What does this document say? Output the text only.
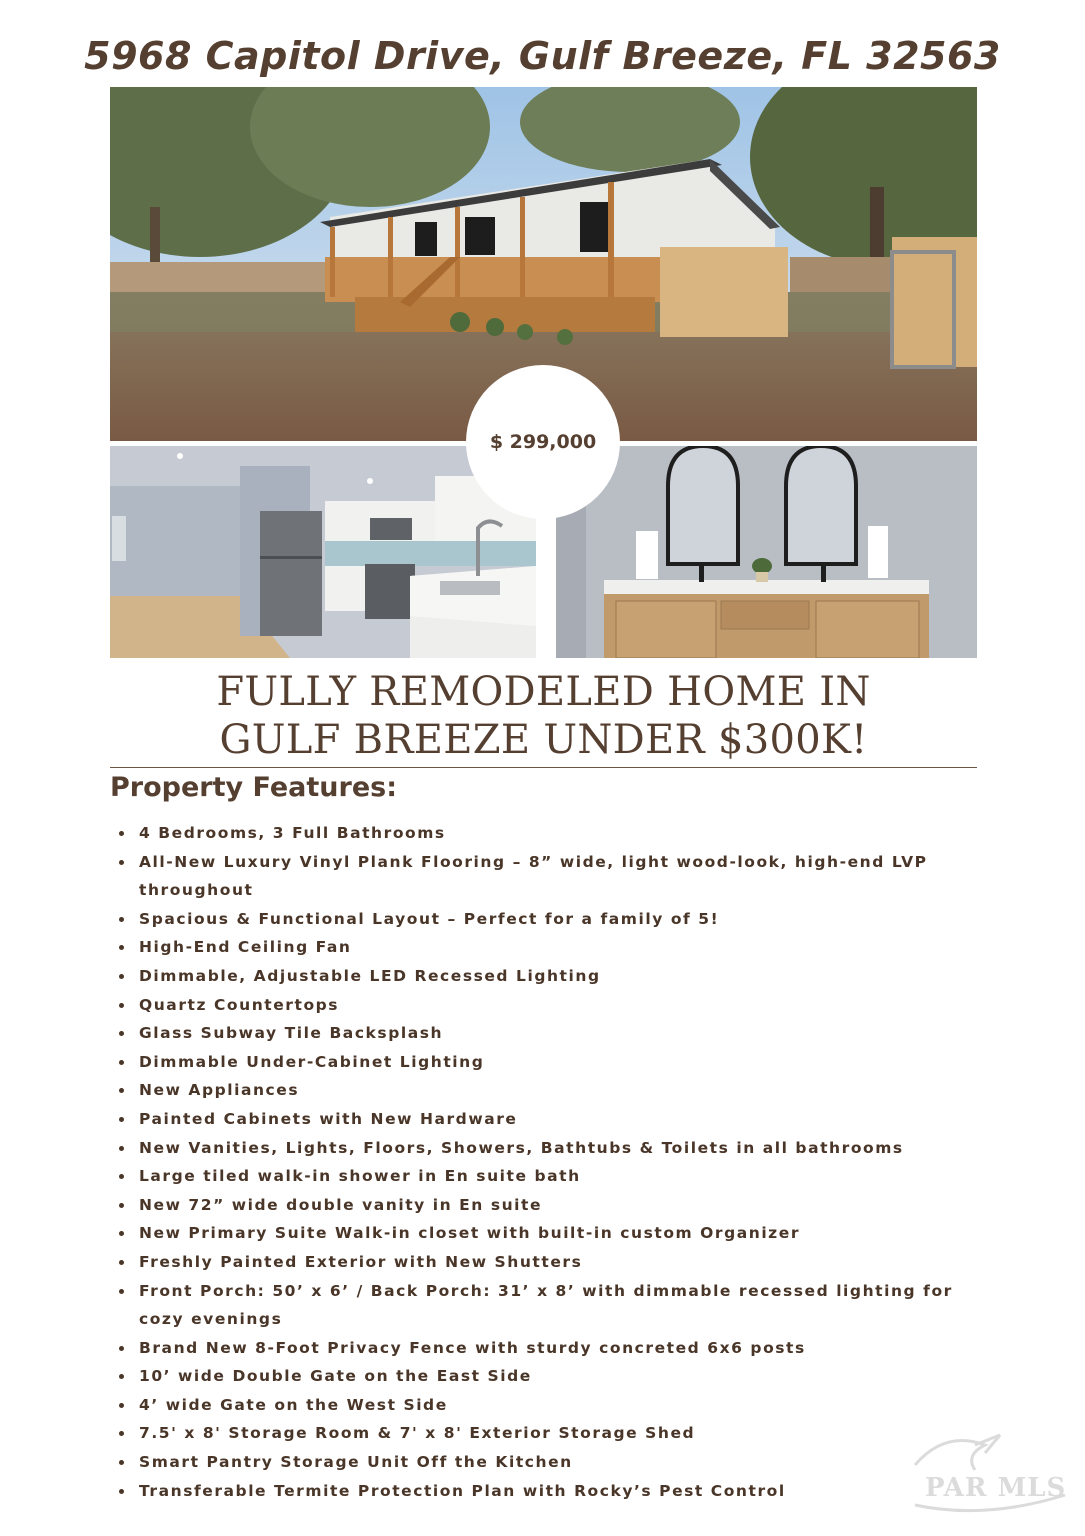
5968 Capitol Drive, Gulf Breeze, FL 32563
$ 299,000
FULLY REMODELED HOME IN
GULF BREEZE UNDER $300K!
Property Features:
4 Bedrooms, 3 Full Bathrooms
All-New Luxury Vinyl Plank Flooring – 8” wide, light wood-look, high-end LVP throughout
Spacious & Functional Layout – Perfect for a family of 5!
High-End Ceiling Fan
Dimmable, Adjustable LED Recessed Lighting
Quartz Countertops
Glass Subway Tile Backsplash
Dimmable Under-Cabinet Lighting
New Appliances
Painted Cabinets with New Hardware
New Vanities, Lights, Floors, Showers, Bathtubs & Toilets in all bathrooms
Large tiled walk-in shower in En suite bath
New 72” wide double vanity in En suite
New Primary Suite Walk-in closet with built-in custom Organizer
Freshly Painted Exterior with New Shutters
Front Porch: 50’ x 6’ / Back Porch: 31’ x 8’ with dimmable recessed lighting for cozy evenings
Brand New 8-Foot Privacy Fence with sturdy concreted 6x6 posts
10’ wide Double Gate on the East Side
4’ wide Gate on the West Side
7.5' x 8' Storage Room & 7' x 8' Exterior Storage Shed
Smart Pantry Storage Unit Off the Kitchen
Transferable Termite Protection Plan with Rocky’s Pest Control	PAR MLS
